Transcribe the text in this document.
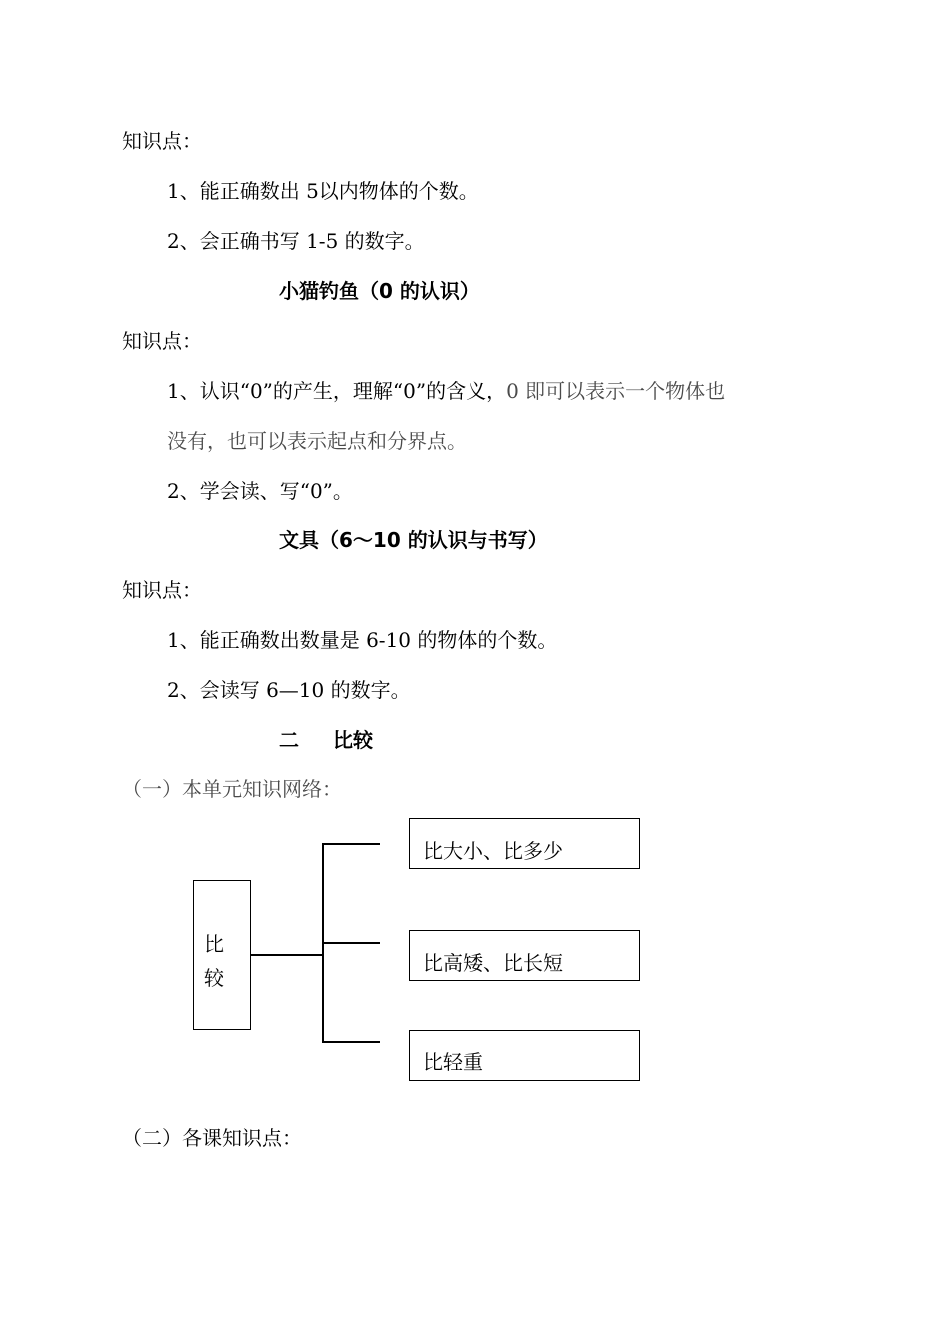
知识点：
1、能正确数出 5以内物体的个数。
2、会正确书写 1-5 的数字。
小猫钓鱼（0 的认识）
知识点：
1、认识“0”的产生，理解“0”的含义，0 即可以表示一个物体也
没有，也可以表示起点和分界点。
2、学会读、写“0”。
文具（6～10 的认识与书写）
知识点：
1、能正确数出数量是 6-10 的物体的个数。
2、会读写 6—10 的数字。
二 比较
（一）本单元知识网络：
比
较
比大小、比多少
比高矮、比长短
比轻重
（二）各课知识点：
